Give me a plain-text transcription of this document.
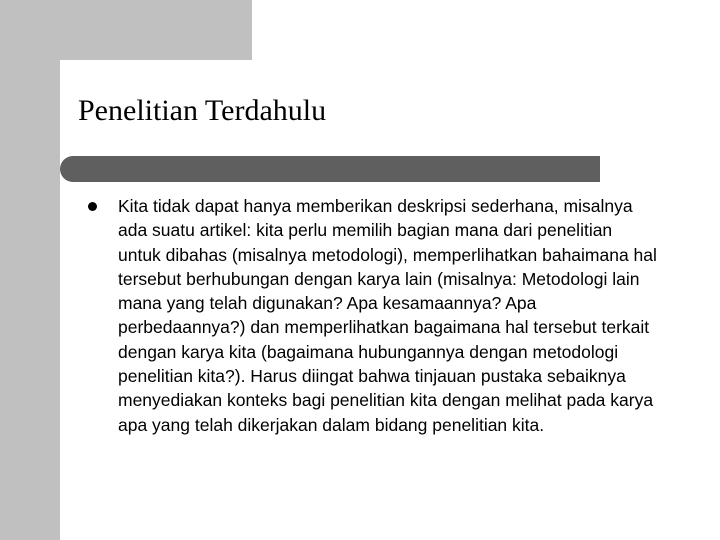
Penelitian Terdahulu
Kita tidak dapat hanya memberikan deskripsi sederhana, misalnya ada suatu artikel: kita perlu memilih bagian mana dari penelitian untuk dibahas (misalnya metodologi), memperlihatkan bahaimana hal tersebut berhubungan dengan karya lain (misalnya: Metodologi lain mana yang telah digunakan? Apa kesamaannya? Apa perbedaannya?) dan memperlihatkan bagaimana hal tersebut terkait dengan karya kita (bagaimana hubungannya dengan metodologi penelitian kita?). Harus diingat bahwa tinjauan pustaka sebaiknya menyediakan konteks bagi penelitian kita dengan melihat pada karya apa yang telah dikerjakan dalam bidang penelitian kita.
